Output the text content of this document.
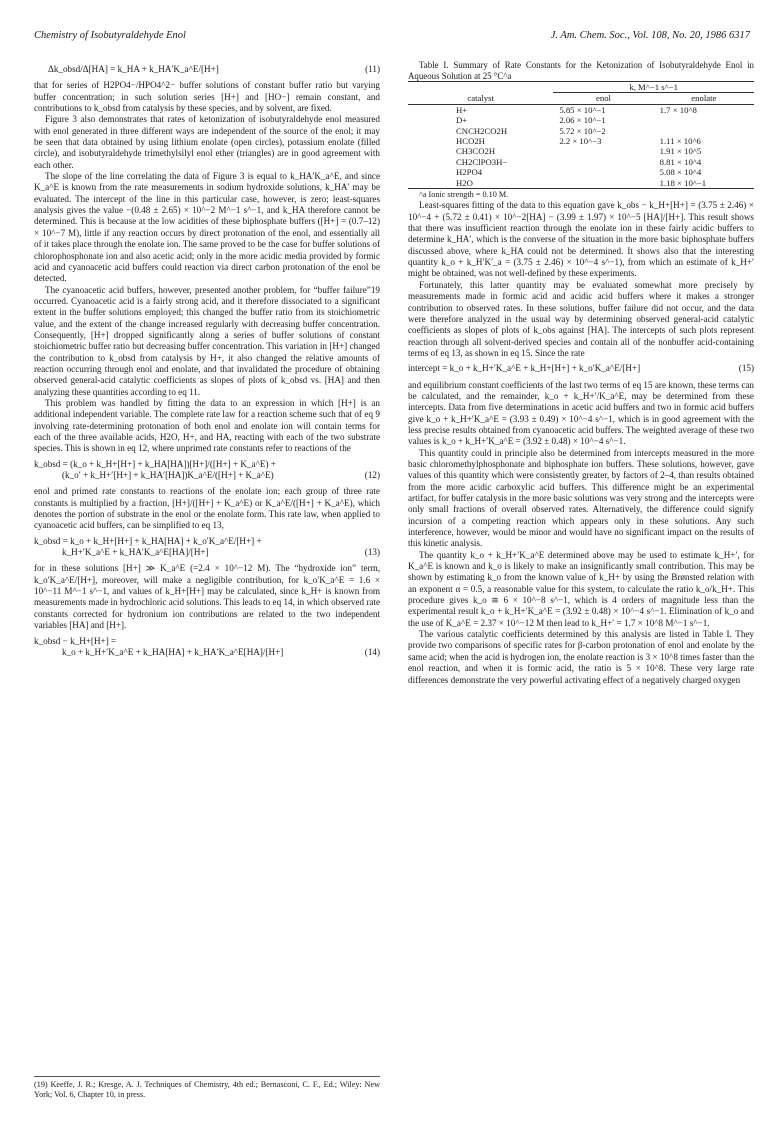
Chemistry of Isobutyraldehyde Enol	J. Am. Chem. Soc., Vol. 108, No. 20, 1986 6317
Δk_obsd/Δ[HA] = k_HA + k_HA′K_a^E/[H+]	(11)

that for series of H2PO4−/HPO4^2− buffer solutions of constant buffer ratio but varying buffer concentration; in such solution series [H+] and [HO−] remain constant, and contributions to k_obsd from catalysis by these species, and by solvent, are fixed.

Figure 3 also demonstrates that rates of ketonization of isobutyraldehyde enol measured with enol generated in three different ways are independent of the source of the enol; it may be seen that data obtained by using lithium enolate (open circles), potassium enolate (filled circle), and isobutyraldehyde trimethylsilyl enol ether (triangles) are in good agreement with each other.

The slope of the line correlating the data of Figure 3 is equal to k_HA′K_a^E, and since K_a^E is known from the rate measurements in sodium hydroxide solutions, k_HA′ may be evaluated. The intercept of the line in this particular case, however, is zero; least-squares analysis gives the value −(0.48 ± 2.65) × 10^−2 M^−1 s^−1, and k_HA therefore cannot be determined. This is because at the low acidities of these biphosphate buffers ([H+] = (0.7–12) × 10^−7 M), little if any reaction occurs by direct protonation of the enol, and essentially all of it takes place through the enolate ion. The same proved to be the case for buffer solutions of chlorophosphonate ion and also acetic acid; only in the more acidic media provided by formic acid and cyanoacetic acid buffers could reaction via direct carbon protonation of the enol be detected.

The cyanoacetic acid buffers, however, presented another problem, for “buffer failure”19 occurred. Cyanoacetic acid is a fairly strong acid, and it therefore dissociated to a significant extent in the buffer solutions employed; this changed the buffer ratio from its stoichiometric value, and the extent of the change increased regularly with decreasing buffer concentration. Consequently, [H+] dropped significantly along a series of buffer solutions of constant stoichiometric buffer ratio but decreasing buffer concentration. This variation in [H+] changed the contribution to k_obsd from catalysis by H+, it also changed the relative amounts of reaction occurring through enol and enolate, and that invalidated the procedure of obtaining observed general-acid catalytic coefficients as slopes of plots of k_obsd vs. [HA] and then analyzing these quantities according to eq 11.

This problem was handled by fitting the data to an expression in which [H+] is an additional independent variable. The complete rate law for a reaction scheme such that of eq 9 involving rate-determining protonation of both enol and enolate ion will contain terms for each of the three available acids, H2O, H+, and HA, reacting with each of the two substrate species. This is shown in eq 12, where unprimed rate constants refer to reactions of the

k_obsd = (k_o + k_H+[H+] + k_HA[HA])[H+]/([H+] + K_a^E) +
(k_o′ + k_H+′[H+] + k_HA′[HA])K_a^E/([H+] + K_a^E)	(12)

enol and primed rate constants to reactions of the enolate ion; each group of three rate constants is multiplied by a fraction, [H+]/([H+] + K_a^E) or K_a^E/([H+] + K_a^E), which denotes the portion of substrate in the enol or the enolate form. This rate law, when applied to cyanoacetic acid buffers, can be simplified to eq 13,

k_obsd = k_o + k_H+[H+] + k_HA[HA] + k_o′K_a^E/[H+] +
k_H+′K_a^E + k_HA′K_a^E[HA]/[H+]	(13)

for in these solutions [H+] ≫ K_a^E (=2.4 × 10^−12 M). The “hydroxide ion” term, k_o′K_a^E/[H+], moreover, will make a negligible contribution, for k_o′K_a^E = 1.6 × 10^−11 M^−1 s^−1, and values of k_H+[H+] may be calculated, since k_H+ is known from measurements made in hydrochloric acid solutions. This leads to eq 14, in which observed rate constants corrected for hydronium ion contributions are related to the two independent variables [HA] and [H+].

k_obsd − k_H+[H+] =
k_o + k_H+′K_a^E + k_HA[HA] + k_HA′K_a^E[HA]/[H+]	(14)
(19) Keeffe, J. R.; Kresge, A. J. Techniques of Chemistry, 4th ed.; Bernasconi, C. F., Ed.; Wiley: New York; Vol. 6, Chapter 10, in press.

Table I. Summary of Rate Constants for the Ketonization of Isobutyraldehyde Enol in Aqueous Solution at 25 °C^a

catalyst	k, M^−1 s^−1	
	enol	enolate
H+	5.85 × 10^−1	1.7 × 10^8
D+	2.06 × 10^−1	
CNCH2CO2H	5.72 × 10^−2	
HCO2H	2.2 × 10^−3	1.11 × 10^6
CH3CO2H		1.91 × 10^5
CH2ClPO3H−		8.81 × 10^4
H2PO4		5.08 × 10^4
H2O		1.18 × 10^−1

^a Ionic strength = 0.10 M.

Least-squares fitting of the data to this equation gave k_obs − k_H+[H+] = (3.75 ± 2.46) × 10^−4 + (5.72 ± 0.41) × 10^−2[HA] − (3.99 ± 1.97) × 10^−5 [HA]/[H+]. This result shows that there was insufficient reaction through the enolate ion in these fairly acidic buffers to determine k_HA′, which is the converse of the situation in the more basic biphosphate buffers discussed above, where k_HA could not be determined. It shows also that the interesting quantity k_o + k_H′K′_a = (3.75 ± 2.46) × 10^−4 s^−1), from which an estimate of k_H+′ might be obtained, was not well-defined by these experiments.

Fortunately, this latter quantity may be evaluated somewhat more precisely by measurements made in formic acid and acidic acid buffers where it makes a stronger contribution to observed rates. In these solutions, buffer failure did not occur, and the data were therefore analyzed in the usual way by determining observed general-acid catalytic coefficients as slopes of plots of k_obs against [HA]. The intercepts of such plots represent reaction through all solvent-derived species and contain all of the nonbuffer acid-containing terms of eq 13, as shown in eq 15. Since the rate

intercept = k_o + k_H+′K_a^E + k_H+[H+] + k_o′K_a^E/[H+]	(15)

and equilibrium constant coefficients of the last two terms of eq 15 are known, these terms can be calculated, and the remainder, k_o + k_H+′/K_a^E, may be determined from these intercepts. Data from five determinations in acetic acid buffers and two in formic acid buffers give k_o + k_H+′K_a^E = (3.93 ± 0.49) × 10^−4 s^−1, which is in good agreement with the less precise results obtained from cyanoacetic acid buffers. The weighted average of these two values is k_o + k_H+′K_a^E = (3.92 ± 0.48) × 10^−4 s^−1.

This quantity could in principle also be determined from intercepts measured in the more basic chloromethylphosphonate and biphosphate ion buffers. These solutions, however, gave values of this quantity which were consistently greater, by factors of 2–4, than results obtained from the more acidic carboxylic acid buffers. This difference might be an experimental artifact, for buffer catalysis in the more basic solutions was very strong and the intercepts were only small fractions of overall observed rates. Alternatively, the difference could signify incursion of a competing reaction which appears only in these solutions. Any such interference, however, would be minor and would have no significant impact on the results of this kinetic analysis.

The quantity k_o + k_H+′K_a^E determined above may be used to estimate k_H+′, for K_a^E is known and k_o is likely to make an insignificantly small contribution. This may be shown by estimating k_o from the known value of k_H+ by using the Brønsted relation with an exponent α = 0.5, a reasonable value for this system, to calculate the ratio k_o/k_H+. This procedure gives k_o ≅ 6 × 10^−8 s^−1, which is 4 orders of magnitude less than the experimental result k_o + k_H+′K_a^E = (3.92 ± 0.48) × 10^−4 s^−1. Elimination of k_o and the use of K_a^E = 2.37 × 10^−12 M then lead to k_H+′ = 1.7 × 10^8 M^−1 s^−1.

The various catalytic coefficients determined by this analysis are listed in Table I. They provide two comparisons of specific rates for β-carbon protonation of enol and enolate by the same acid; when the acid is hydrogen ion, the enolate reaction is 3 × 10^8 times faster than the enol reaction, and when it is formic acid, the ratio is 5 × 10^8. These very large rate differences demonstrate the very powerful activating effect of a negatively charged oxygen
